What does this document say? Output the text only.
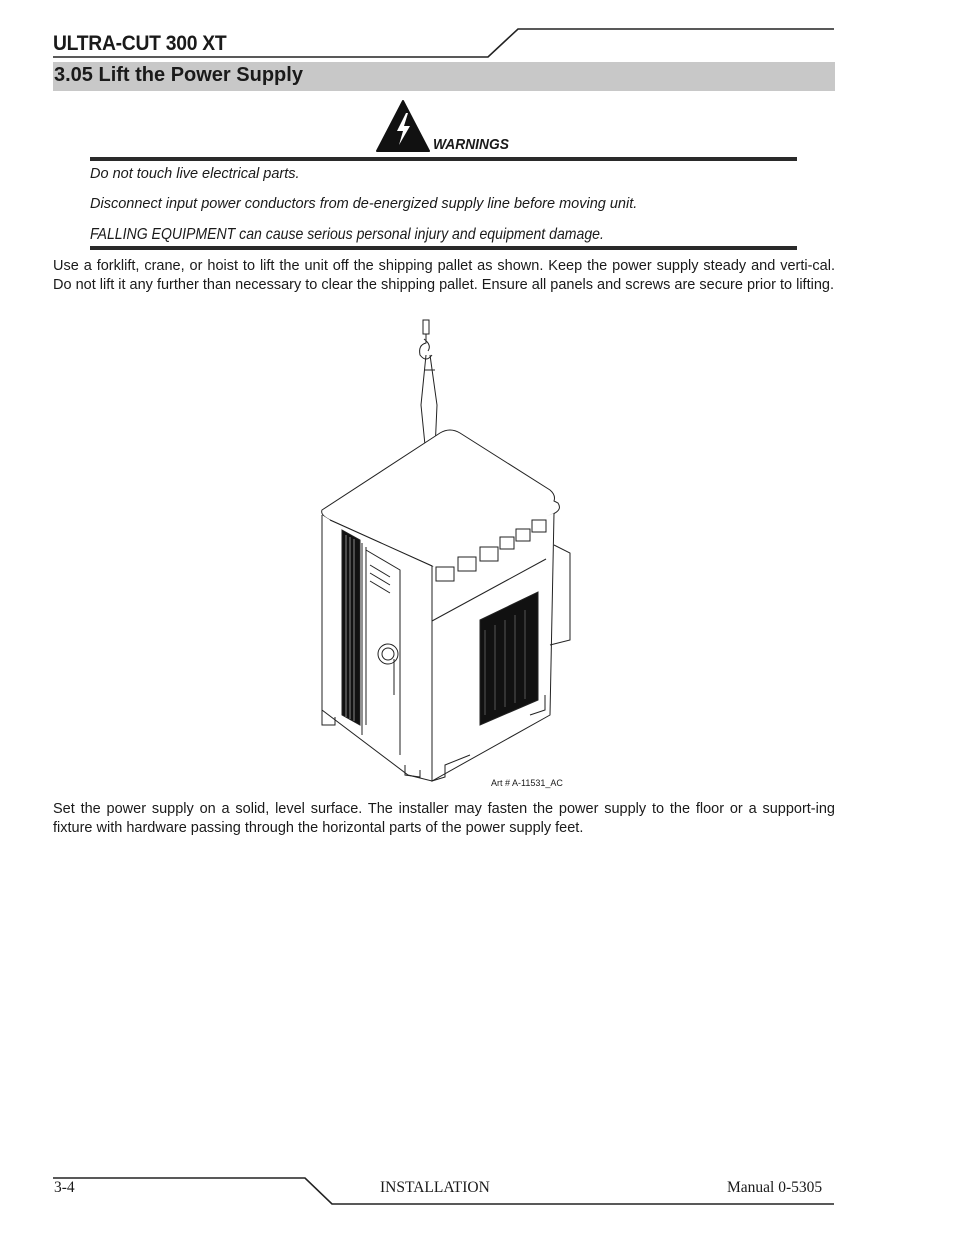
ULTRA-CUT 300 XT
3.05 Lift the Power Supply
WARNINGS
Do not touch live electrical parts.
Disconnect input power conductors from de-energized supply line before moving unit.
FALLING EQUIPMENT can cause serious personal injury and equipment damage.
Use a forklift, crane, or hoist to lift the unit off the shipping pallet as shown. Keep the power supply steady and verti-cal. Do not lift it any further than necessary to clear the shipping pallet. Ensure all panels and screws are secure prior to lifting.
Art # A-11531_AC
Set the power supply on a solid, level surface. The installer may fasten the power supply to the floor or a support-ing fixture with hardware passing through the horizontal parts of the power supply feet.
3-4	INSTALLATION	Manual 0-5305
